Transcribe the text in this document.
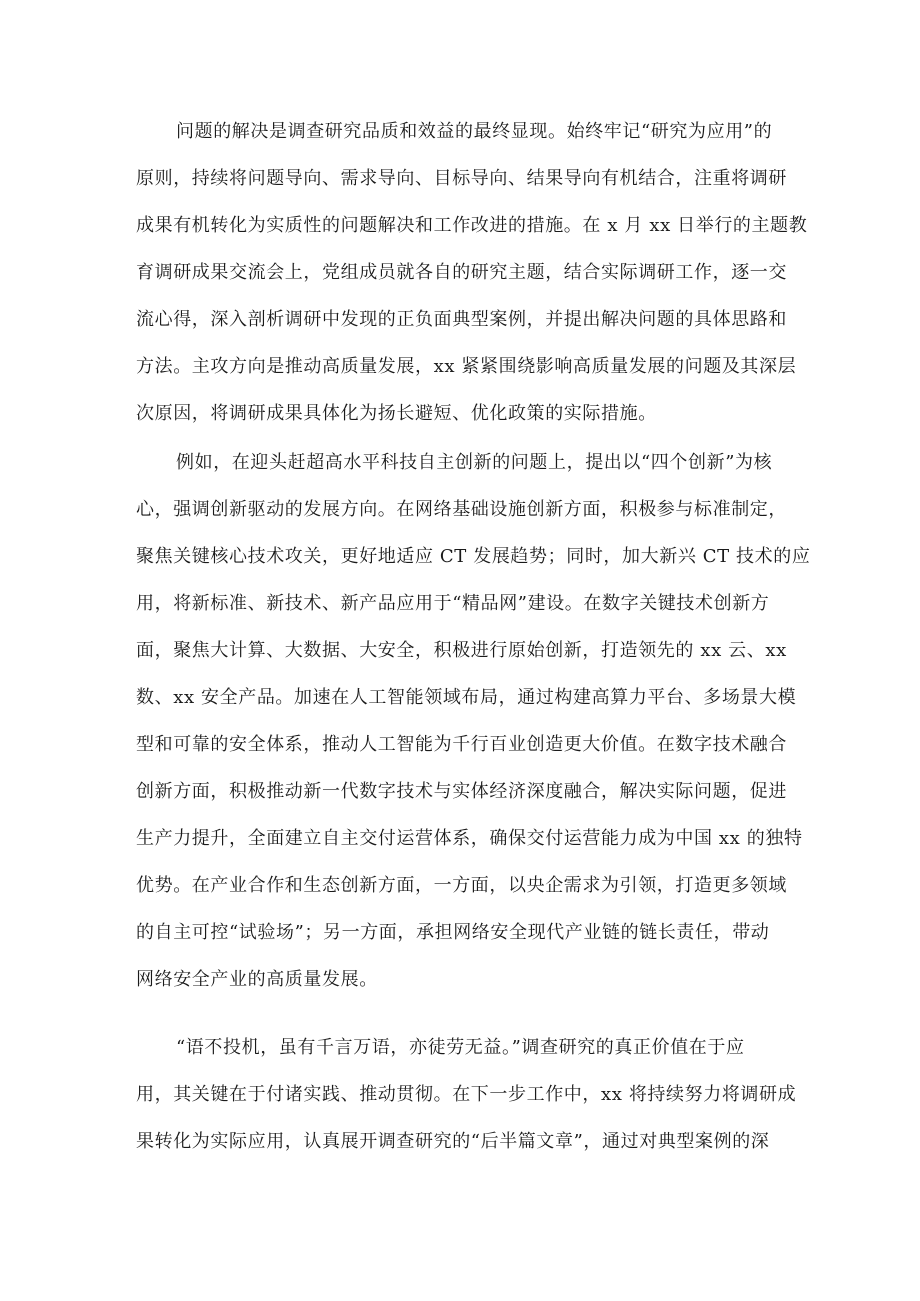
问题的解决是调查研究品质和效益的最终显现。始终牢记“研究为应用”的
原则，持续将问题导向、需求导向、目标导向、结果导向有机结合，注重将调研
成果有机转化为实质性的问题解决和工作改进的措施。在 x 月 xx 日举行的主题教
育调研成果交流会上，党组成员就各自的研究主题，结合实际调研工作，逐一交
流心得，深入剖析调研中发现的正负面典型案例，并提出解决问题的具体思路和
方法。主攻方向是推动高质量发展，xx 紧紧围绕影响高质量发展的问题及其深层
次原因，将调研成果具体化为扬长避短、优化政策的实际措施。
例如，在迎头赶超高水平科技自主创新的问题上，提出以“四个创新”为核
心，强调创新驱动的发展方向。在网络基础设施创新方面，积极参与标准制定，
聚焦关键核心技术攻关，更好地适应 CT 发展趋势；同时，加大新兴 CT 技术的应
用，将新标准、新技术、新产品应用于“精品网”建设。在数字关键技术创新方
面，聚焦大计算、大数据、大安全，积极进行原始创新，打造领先的 xx 云、xx
数、xx 安全产品。加速在人工智能领域布局，通过构建高算力平台、多场景大模
型和可靠的安全体系，推动人工智能为千行百业创造更大价值。在数字技术融合
创新方面，积极推动新一代数字技术与实体经济深度融合，解决实际问题，促进
生产力提升，全面建立自主交付运营体系，确保交付运营能力成为中国 xx 的独特
优势。在产业合作和生态创新方面，一方面，以央企需求为引领，打造更多领域
的自主可控“试验场”；另一方面，承担网络安全现代产业链的链长责任，带动
网络安全产业的高质量发展。
“语不投机，虽有千言万语，亦徒劳无益。”调查研究的真正价值在于应
用，其关键在于付诸实践、推动贯彻。在下一步工作中，xx 将持续努力将调研成
果转化为实际应用，认真展开调查研究的“后半篇文章”，通过对典型案例的深
